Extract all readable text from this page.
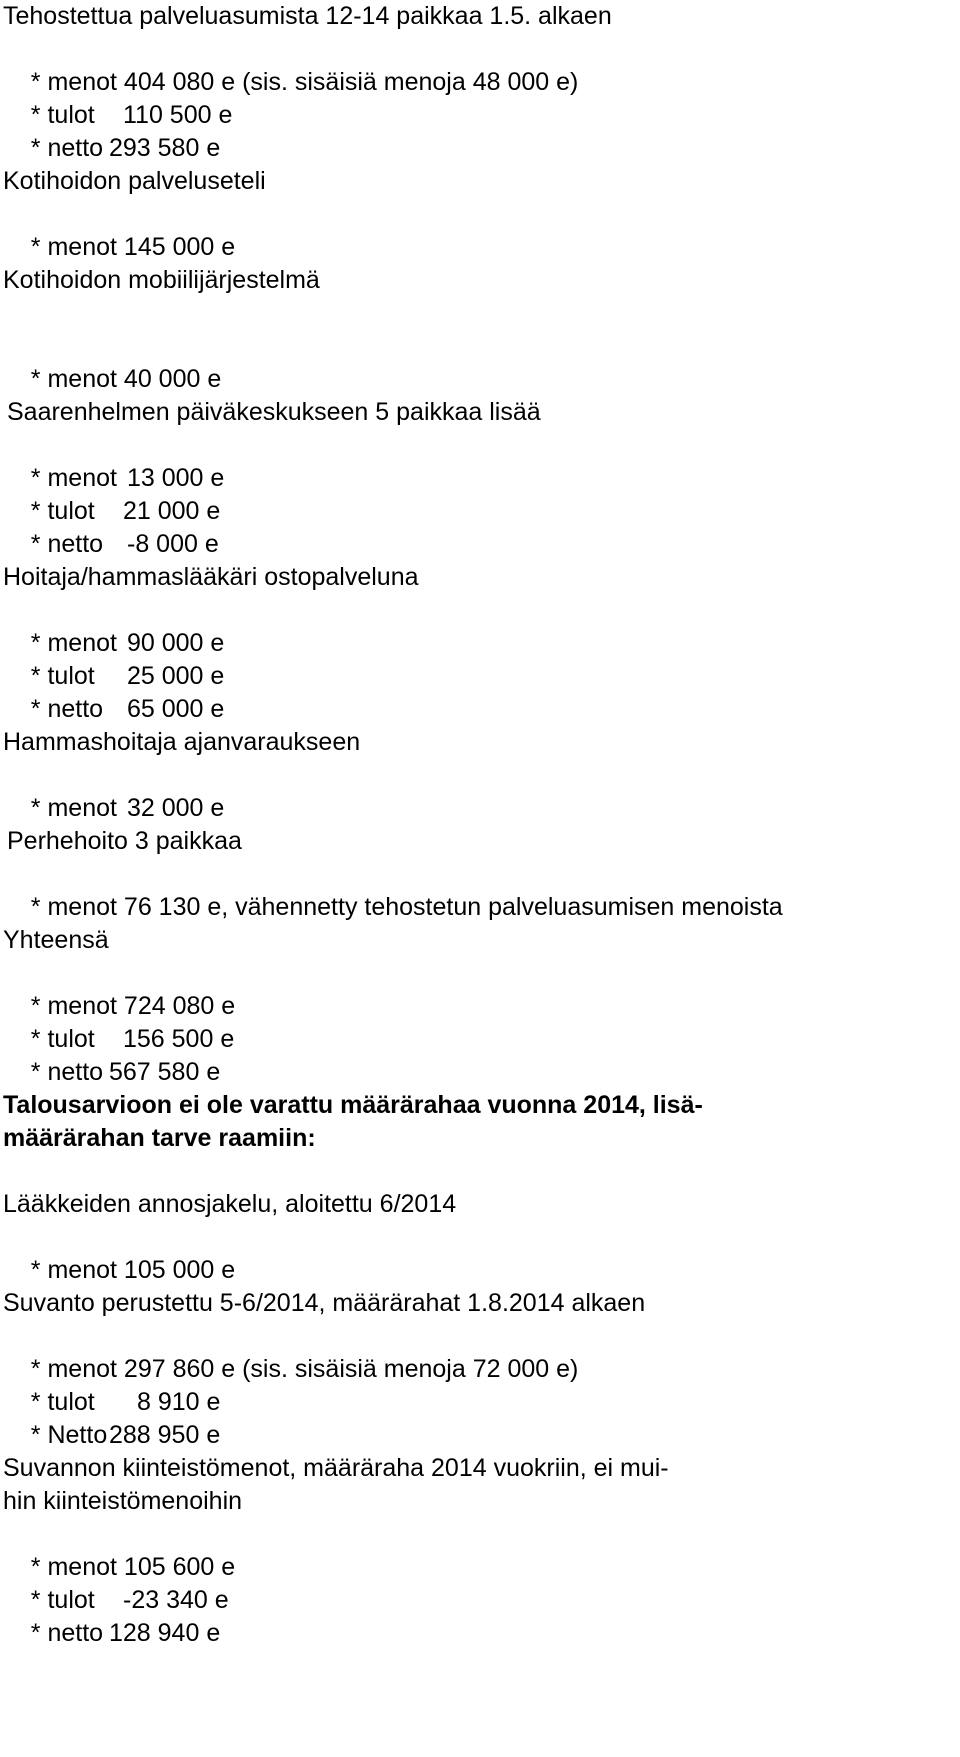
Tehostettua palveluasumista 12-14 paikkaa 1.5. alkaen

* menot 404 080 e (sis. sisäisiä menoja 48 000 e)

* tulot 110 500 e

* netto 293 580 e

Kotihoidon palveluseteli

* menot 145 000 e

Kotihoidon mobiilijärjestelmä

* menot 40 000 e

Saarenhelmen päiväkeskukseen 5 paikkaa lisää

* menot 13 000 e

* tulot 21 000 e

* netto -8 000 e

Hoitaja/hammaslääkäri ostopalveluna

* menot 90 000 e

* tulot 25 000 e

* netto 65 000 e

Hammashoitaja ajanvaraukseen

* menot 32 000 e

Perhehoito 3 paikkaa

* menot 76 130 e, vähennetty tehostetun palveluasumisen menoista

Yhteensä

* menot 724 080 e

* tulot 156 500 e

* netto 567 580 e

Talousarvioon ei ole varattu määrärahaa vuonna 2014, lisä-
määrärahan tarve raamiin:
Lääkkeiden annosjakelu, aloitettu 6/2014

* menot 105 000 e

Suvanto perustettu 5-6/2014, määrärahat 1.8.2014 alkaen

* menot 297 860 e (sis. sisäisiä menoja 72 000 e)

* tulot 8 910 e

* Netto 288 950 e

Suvannon kiinteistömenot, määräraha 2014 vuokriin, ei mui-
hin kiinteistömenoihin

* menot 105 600 e

* tulot -23 340 e

* netto 128 940 e
